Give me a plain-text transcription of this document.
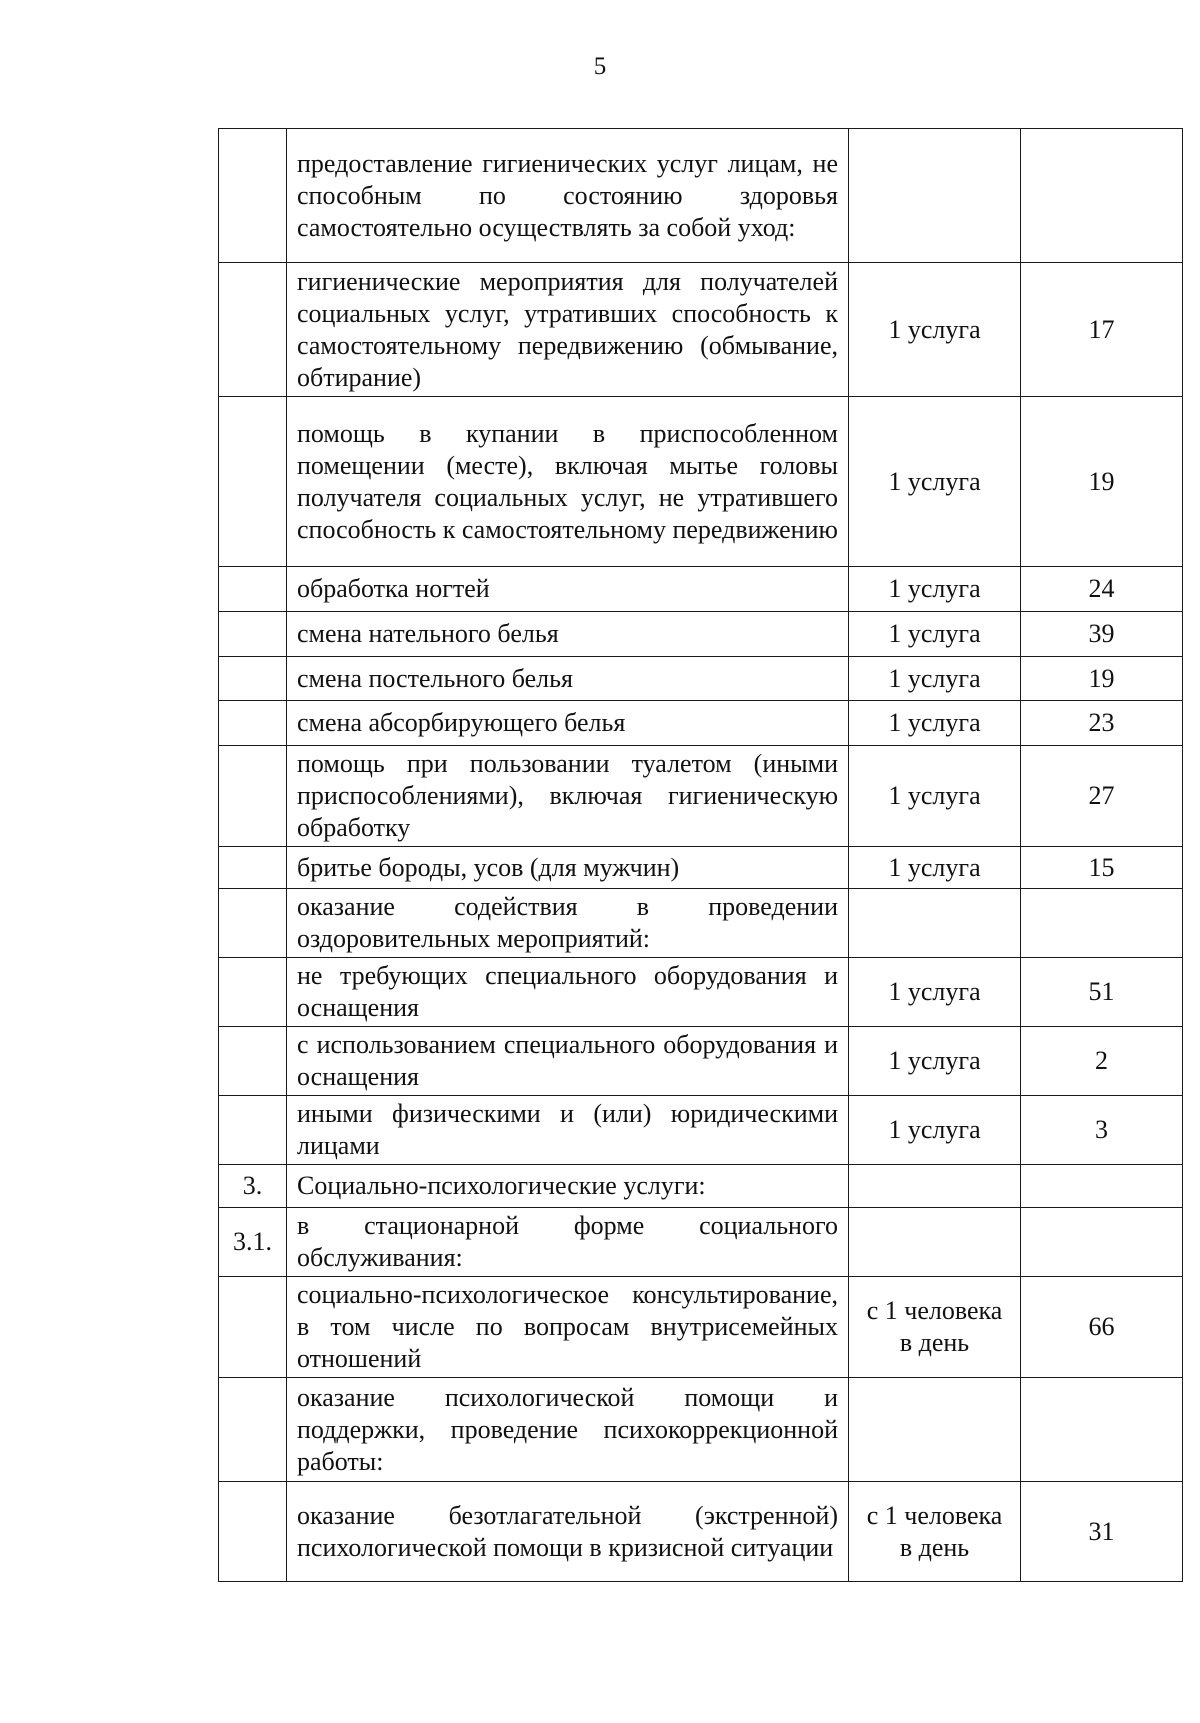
5
	предоставление гигиенических услуг лицам, не способным по состоянию здоровья самостоятельно осуществлять за собой уход:		
	гигиенические мероприятия для получателей социальных услуг, утративших способность к самостоятельному передвижению (обмывание, обтирание)	1 услуга	17
	помощь в купании в приспособленном помещении (месте), включая мытье головы получателя социальных услуг, не утратившего способность к самостоятельному передвижению	1 услуга	19
	обработка ногтей	1 услуга	24
	смена нательного белья	1 услуга	39
	смена постельного белья	1 услуга	19
	смена абсорбирующего белья	1 услуга	23
	помощь при пользовании туалетом (иными приспособлениями), включая гигиеническую обработку	1 услуга	27
	бритье бороды, усов (для мужчин)	1 услуга	15
	оказание содействия в проведении оздоровительных мероприятий:		
	не требующих специального оборудования и оснащения	1 услуга	51
	с использованием специального оборудования и оснащения	1 услуга	2
	иными физическими и (или) юридическими лицами	1 услуга	3
3.	Социально-психологические услуги:		
3.1.	в стационарной форме социального обслуживания:		
	социально-психологическое консультирование, в том числе по вопросам внутрисемейных отношений	с 1 человека в день	66
	оказание психологической помощи и поддержки, проведение психокоррекционной работы:		
	оказание безотлагательной (экстренной) психологической помощи в кризисной ситуации	с 1 человека в день	31
